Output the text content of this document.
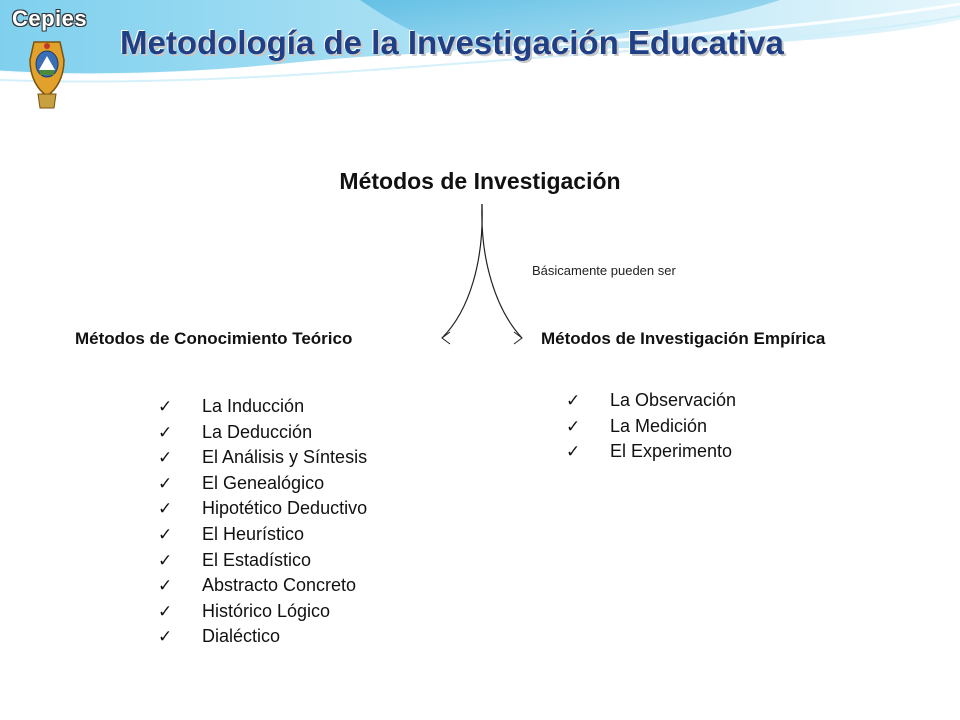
Cepies
Metodología de la Investigación Educativa
Métodos de Investigación
Básicamente pueden ser
Métodos de Conocimiento Teórico	Métodos de Investigación Empírica
✓ La Inducción
✓ La Deducción
✓ El Análisis y Síntesis
✓ El Genealógico
✓ Hipotético Deductivo
✓ El Heurístico
✓ El Estadístico
✓ Abstracto Concreto
✓ Histórico Lógico
✓ Dialéctico
✓ La Observación
✓ La Medición
✓ El Experimento
